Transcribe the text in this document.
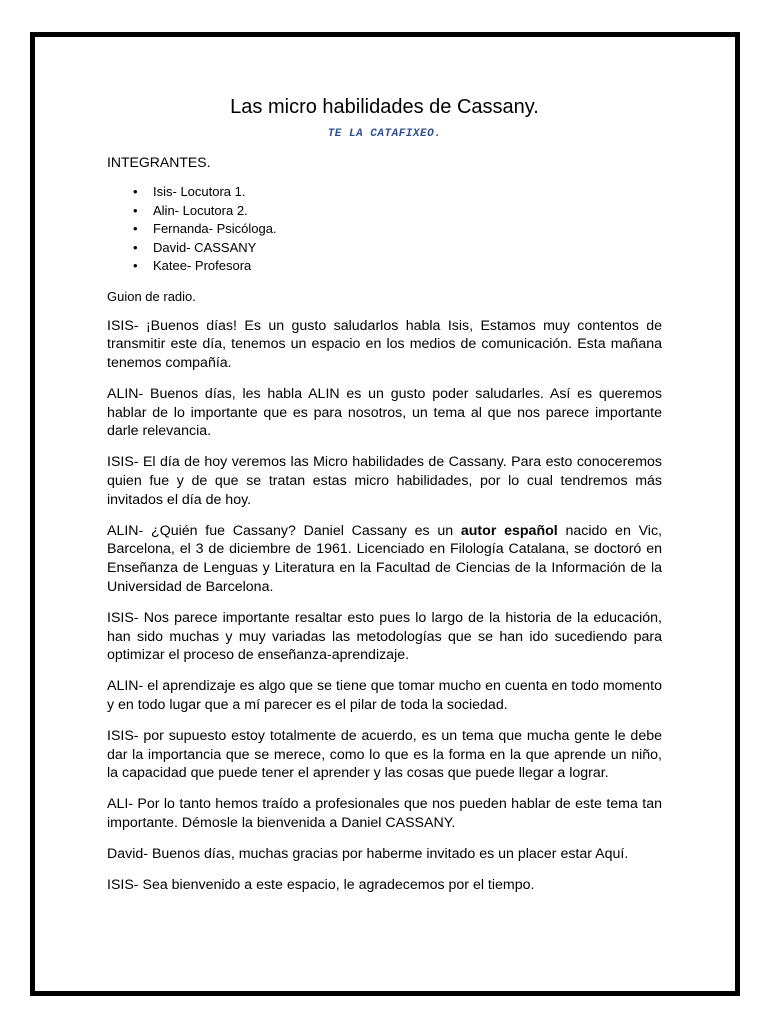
Las micro habilidades de Cassany.

TE LA CATAFIXEO.

INTEGRANTES.

• Isis- Locutora 1.
• Alin- Locutora 2.
• Fernanda- Psicóloga.
• David- CASSANY
• Katee- Profesora

Guion de radio.

ISIS- ¡Buenos días! Es un gusto saludarlos habla Isis, Estamos muy contentos de transmitir este día, tenemos un espacio en los medios de comunicación. Esta mañana tenemos compañía.

ALIN- Buenos días, les habla ALIN es un gusto poder saludarles. Así es queremos hablar de lo importante que es para nosotros, un tema al que nos parece importante darle relevancia.

ISIS- El día de hoy veremos las Micro habilidades de Cassany. Para esto conoceremos quien fue y de que se tratan estas micro habilidades, por lo cual tendremos más invitados el día de hoy.

ALIN- ¿Quién fue Cassany? Daniel Cassany es un autor español nacido en Vic, Barcelona, el 3 de diciembre de 1961. Licenciado en Filología Catalana, se doctoró en Enseñanza de Lenguas y Literatura en la Facultad de Ciencias de la Información de la Universidad de Barcelona.

ISIS- Nos parece importante resaltar esto pues lo largo de la historia de la educación, han sido muchas y muy variadas las metodologías que se han ido sucediendo para optimizar el proceso de enseñanza-aprendizaje.

ALIN- el aprendizaje es algo que se tiene que tomar mucho en cuenta en todo momento y en todo lugar que a mí parecer es el pilar de toda la sociedad.

ISIS- por supuesto estoy totalmente de acuerdo, es un tema que mucha gente le debe dar la importancia que se merece, como lo que es la forma en la que aprende un niño, la capacidad que puede tener el aprender y las cosas que puede llegar a lograr.

ALI- Por lo tanto hemos traído a profesionales que nos pueden hablar de este tema tan importante. Démosle la bienvenida a Daniel CASSANY.

David- Buenos días, muchas gracias por haberme invitado es un placer estar Aquí.

ISIS- Sea bienvenido a este espacio, le agradecemos por el tiempo.
